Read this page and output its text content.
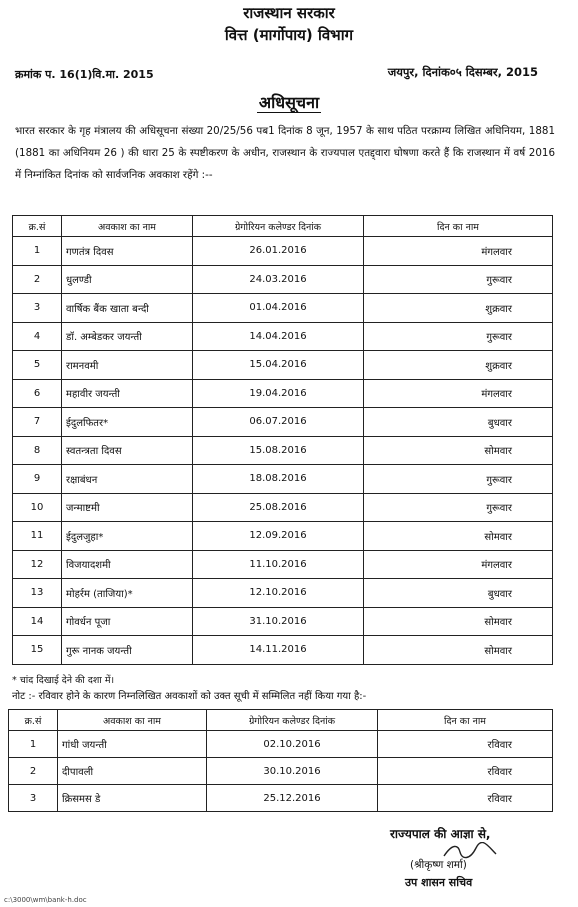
राजस्थान सरकार
वित्त (मार्गोपाय) विभाग
क्रमांक प. 16(1)वि.मा. 2015	जयपुर, दिनांक०५ दिसम्बर, 2015
अधिसूचना
भारत सरकार के गृह मंत्रालय की अधिसूचना संख्या 20/25/56 पब1 दिनांक 8 जून, 1957 के साथ पठित परक्राम्य लिखित अधिनियम, 1881 (1881 का अधिनियम 26 ) की धारा 25 के स्पष्टीकरण के अधीन, राजस्थान के राज्यपाल एतद्द्वारा घोषणा करते हैं कि राजस्थान में वर्ष 2016 में निम्नांकित दिनांक को सार्वजनिक अवकाश रहेंगे :--
क्र.सं	अवकाश का नाम	ग्रेगोरियन कलेण्डर दिनांक	दिन का नाम
1	गणतंत्र दिवस	26.01.2016	मंगलवार
2	धुलण्डी	24.03.2016	गुरूवार
3	वार्षिक बैंक खाता बन्दी	01.04.2016	शुक्रवार
4	डॉ. अम्बेडकर जयन्ती	14.04.2016	गुरूवार
5	रामनवमी	15.04.2016	शुक्रवार
6	महावीर जयन्ती	19.04.2016	मंगलवार
7	ईदुलफितर*	06.07.2016	बुधवार
8	स्वतन्त्रता दिवस	15.08.2016	सोमवार
9	रक्षाबंधन	18.08.2016	गुरूवार
10	जन्माष्टमी	25.08.2016	गुरूवार
11	ईदुलजुहा*	12.09.2016	सोमवार
12	विजयादशमी	11.10.2016	मंगलवार
13	मोहर्रम (ताजिया)*	12.10.2016	बुधवार
14	गोवर्धन पूजा	31.10.2016	सोमवार
15	गुरू नानक जयन्ती	14.11.2016	सोमवार
* चांद दिखाई देने की दशा में।
नोट :- रविवार होने के कारण निम्नलिखित अवकाशों को उक्त सूची में सम्मिलित नहीं किया गया है:-
क्र.सं	अवकाश का नाम	ग्रेगोरियन कलेण्डर दिनांक	दिन का नाम
1	गांधी जयन्ती	02.10.2016	रविवार
2	दीपावली	30.10.2016	रविवार
3	क्रिसमस डे	25.12.2016	रविवार
राज्यपाल की आज्ञा से,
(श्रीकृष्ण शर्मा)
उप शासन सचिव
c:\3000\wm\bank-h.doc
